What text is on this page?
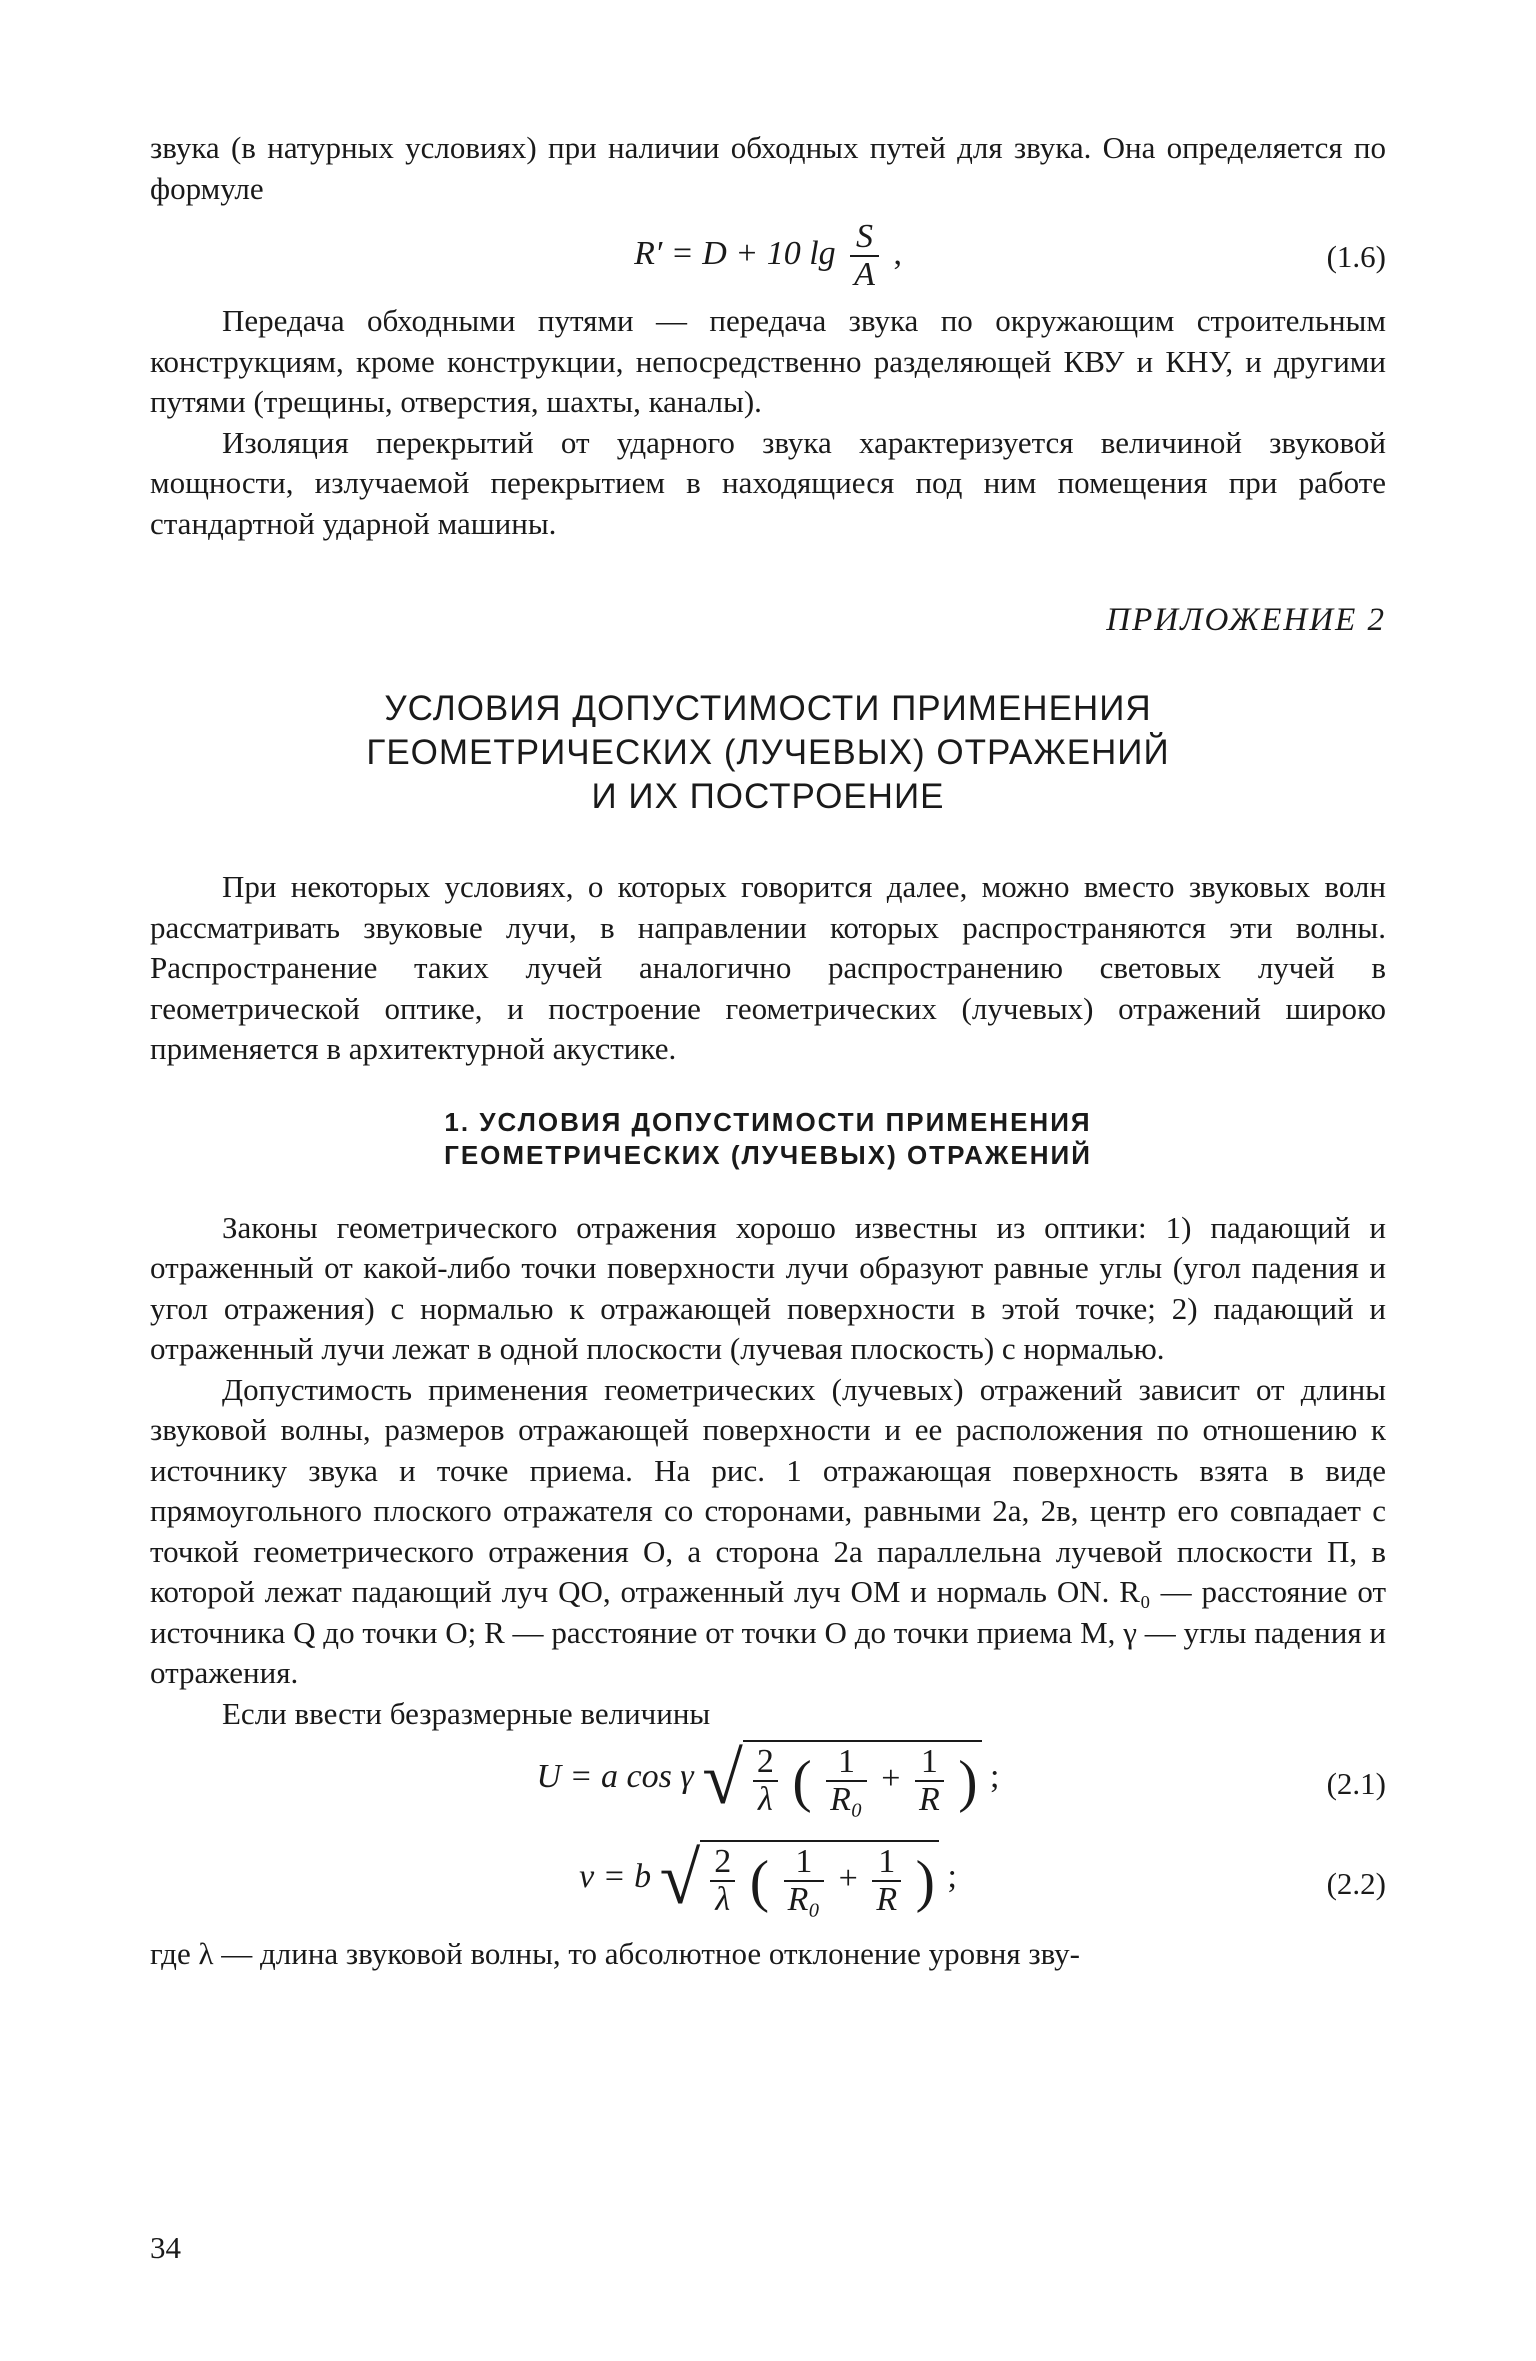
звука (в натурных условиях) при наличии обходных путей для звука. Она определяется по формуле

R′ = D + 10 $\lg \frac{S}{A}$ ,	(1.6)

Передача обходными путями — передача звука по окружающим строительным конструкциям, кроме конструкции, непосредственно разделяющей КВУ и КНУ, и другими путями (трещины, отверстия, шахты, каналы).

Изоляция перекрытий от ударного звука характеризуется величиной звуковой мощности, излучаемой перекрытием в находящиеся под ним помещения при работе стандартной ударной машины.

ПРИЛОЖЕНИЕ 2
УСЛОВИЯ ДОПУСТИМОСТИ ПРИМЕНЕНИЯ
ГЕОМЕТРИЧЕСКИХ (ЛУЧЕВЫХ) ОТРАЖЕНИЙ
И ИХ ПОСТРОЕНИЕ

При некоторых условиях, о которых говорится далее, можно вместо звуковых волн рассматривать звуковые лучи, в направлении которых распространяются эти волны. Распространение таких лучей аналогично распространению световых лучей в геометрической оптике, и построение геометрических (лучевых) отражений широко применяется в архитектурной акустике.

1. УСЛОВИЯ ДОПУСТИМОСТИ ПРИМЕНЕНИЯ
ГЕОМЕТРИЧЕСКИХ (ЛУЧЕВЫХ) ОТРАЖЕНИЙ

Законы геометрического отражения хорошо известны из оптики: 1) падающий и отраженный от какой-либо точки поверхности лучи образуют равные углы (угол падения и угол отражения) с нормалью к отражающей поверхности в этой точке; 2) падающий и отраженный лучи лежат в одной плоскости (лучевая плоскость) с нормалью.

Допустимость применения геометрических (лучевых) отражений зависит от длины звуковой волны, размеров отражающей поверхности и ее расположения по отношению к источнику звука и точке приема. На рис. 1 отражающая поверхность взята в виде прямоугольного плоского отражателя со сторонами, равными 2a, 2в, центр его совпадает с точкой геометрического отражения O, а сторона 2a параллельна лучевой плоскости П, в которой лежат падающий луч QO, отраженный луч OM и нормаль ON. R₀ — расстояние от источника Q до точки O; R — расстояние от точки O до точки приема M, γ — углы падения и отражения.

Если ввести безразмерные величины

U = a cos γ √ $\frac{2}{\lambda}$ ( $\frac{1}{\text{R₀}} + \frac{1}{R}$ ) ;	(2.1)
v = b √ $\frac{2}{\lambda}$ ( $\frac{1}{\text{R₀}} + \frac{1}{R}$ ) ;	(2.2)

где λ — длина звуковой волны, то абсолютное отклонение уровня зву-

34
